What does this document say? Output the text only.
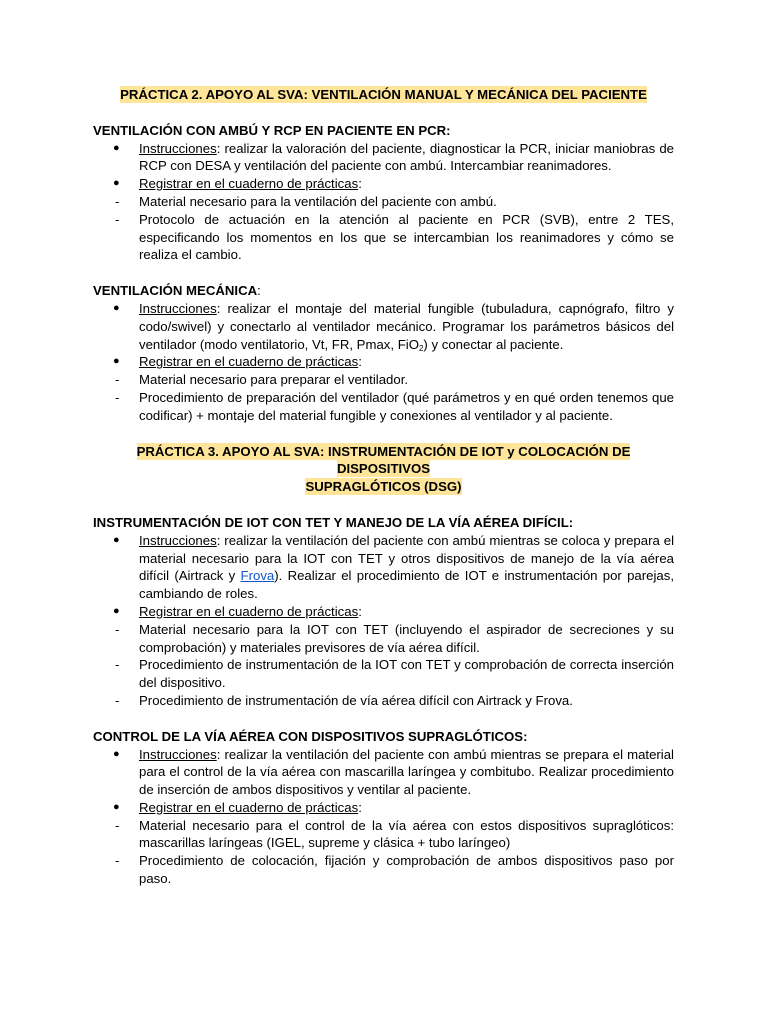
PRÁCTICA 2. APOYO AL SVA: VENTILACIÓN MANUAL Y MECÁNICA DEL PACIENTE

VENTILACIÓN CON AMBÚ Y RCP EN PACIENTE EN PCR:

● Instrucciones: realizar la valoración del paciente, diagnosticar la PCR, iniciar maniobras de RCP con DESA y ventilación del paciente con ambú. Intercambiar reanimadores.
● Registrar en el cuaderno de prácticas:
- Material necesario para la ventilación del paciente con ambú.
- Protocolo de actuación en la atención al paciente en PCR (SVB), entre 2 TES, especificando los momentos en los que se intercambian los reanimadores y cómo se realiza el cambio.

VENTILACIÓN MECÁNICA:

● Instrucciones: realizar el montaje del material fungible (tubuladura, capnógrafo, filtro y codo/swivel) y conectarlo al ventilador mecánico. Programar los parámetros básicos del ventilador (modo ventilatorio, Vt, FR, Pmax, FiO$_2$) y conectar al paciente.
● Registrar en el cuaderno de prácticas:
- Material necesario para preparar el ventilador.
- Procedimiento de preparación del ventilador (qué parámetros y en qué orden tenemos que codificar) + montaje del material fungible y conexiones al ventilador y al paciente.
PRÁCTICA 3. APOYO AL SVA: INSTRUMENTACIÓN DE IOT y COLOCACIÓN DE DISPOSITIVOS
SUPRAGLÓTICOS (DSG)

INSTRUMENTACIÓN DE IOT CON TET Y MANEJO DE LA VÍA AÉREA DIFÍCIL:

● Instrucciones: realizar la ventilación del paciente con ambú mientras se coloca y prepara el material necesario para la IOT con TET y otros dispositivos de manejo de la vía aérea difícil (Airtrack y Frova). Realizar el procedimiento de IOT e instrumentación por parejas, cambiando de roles.
● Registrar en el cuaderno de prácticas:
- Material necesario para la IOT con TET (incluyendo el aspirador de secreciones y su comprobación) y materiales previsores de vía aérea difícil.
- Procedimiento de instrumentación de la IOT con TET y comprobación de correcta inserción del dispositivo.
- Procedimiento de instrumentación de vía aérea difícil con Airtrack y Frova.

CONTROL DE LA VÍA AÉREA CON DISPOSITIVOS SUPRAGLÓTICOS:

● Instrucciones: realizar la ventilación del paciente con ambú mientras se prepara el material para el control de la vía aérea con mascarilla laríngea y combitubo. Realizar procedimiento de inserción de ambos dispositivos y ventilar al paciente.
● Registrar en el cuaderno de prácticas:
- Material necesario para el control de la vía aérea con estos dispositivos supraglóticos: mascarillas laríngeas (IGEL, supreme y clásica + tubo laríngeo)
- Procedimiento de colocación, fijación y comprobación de ambos dispositivos paso por paso.
